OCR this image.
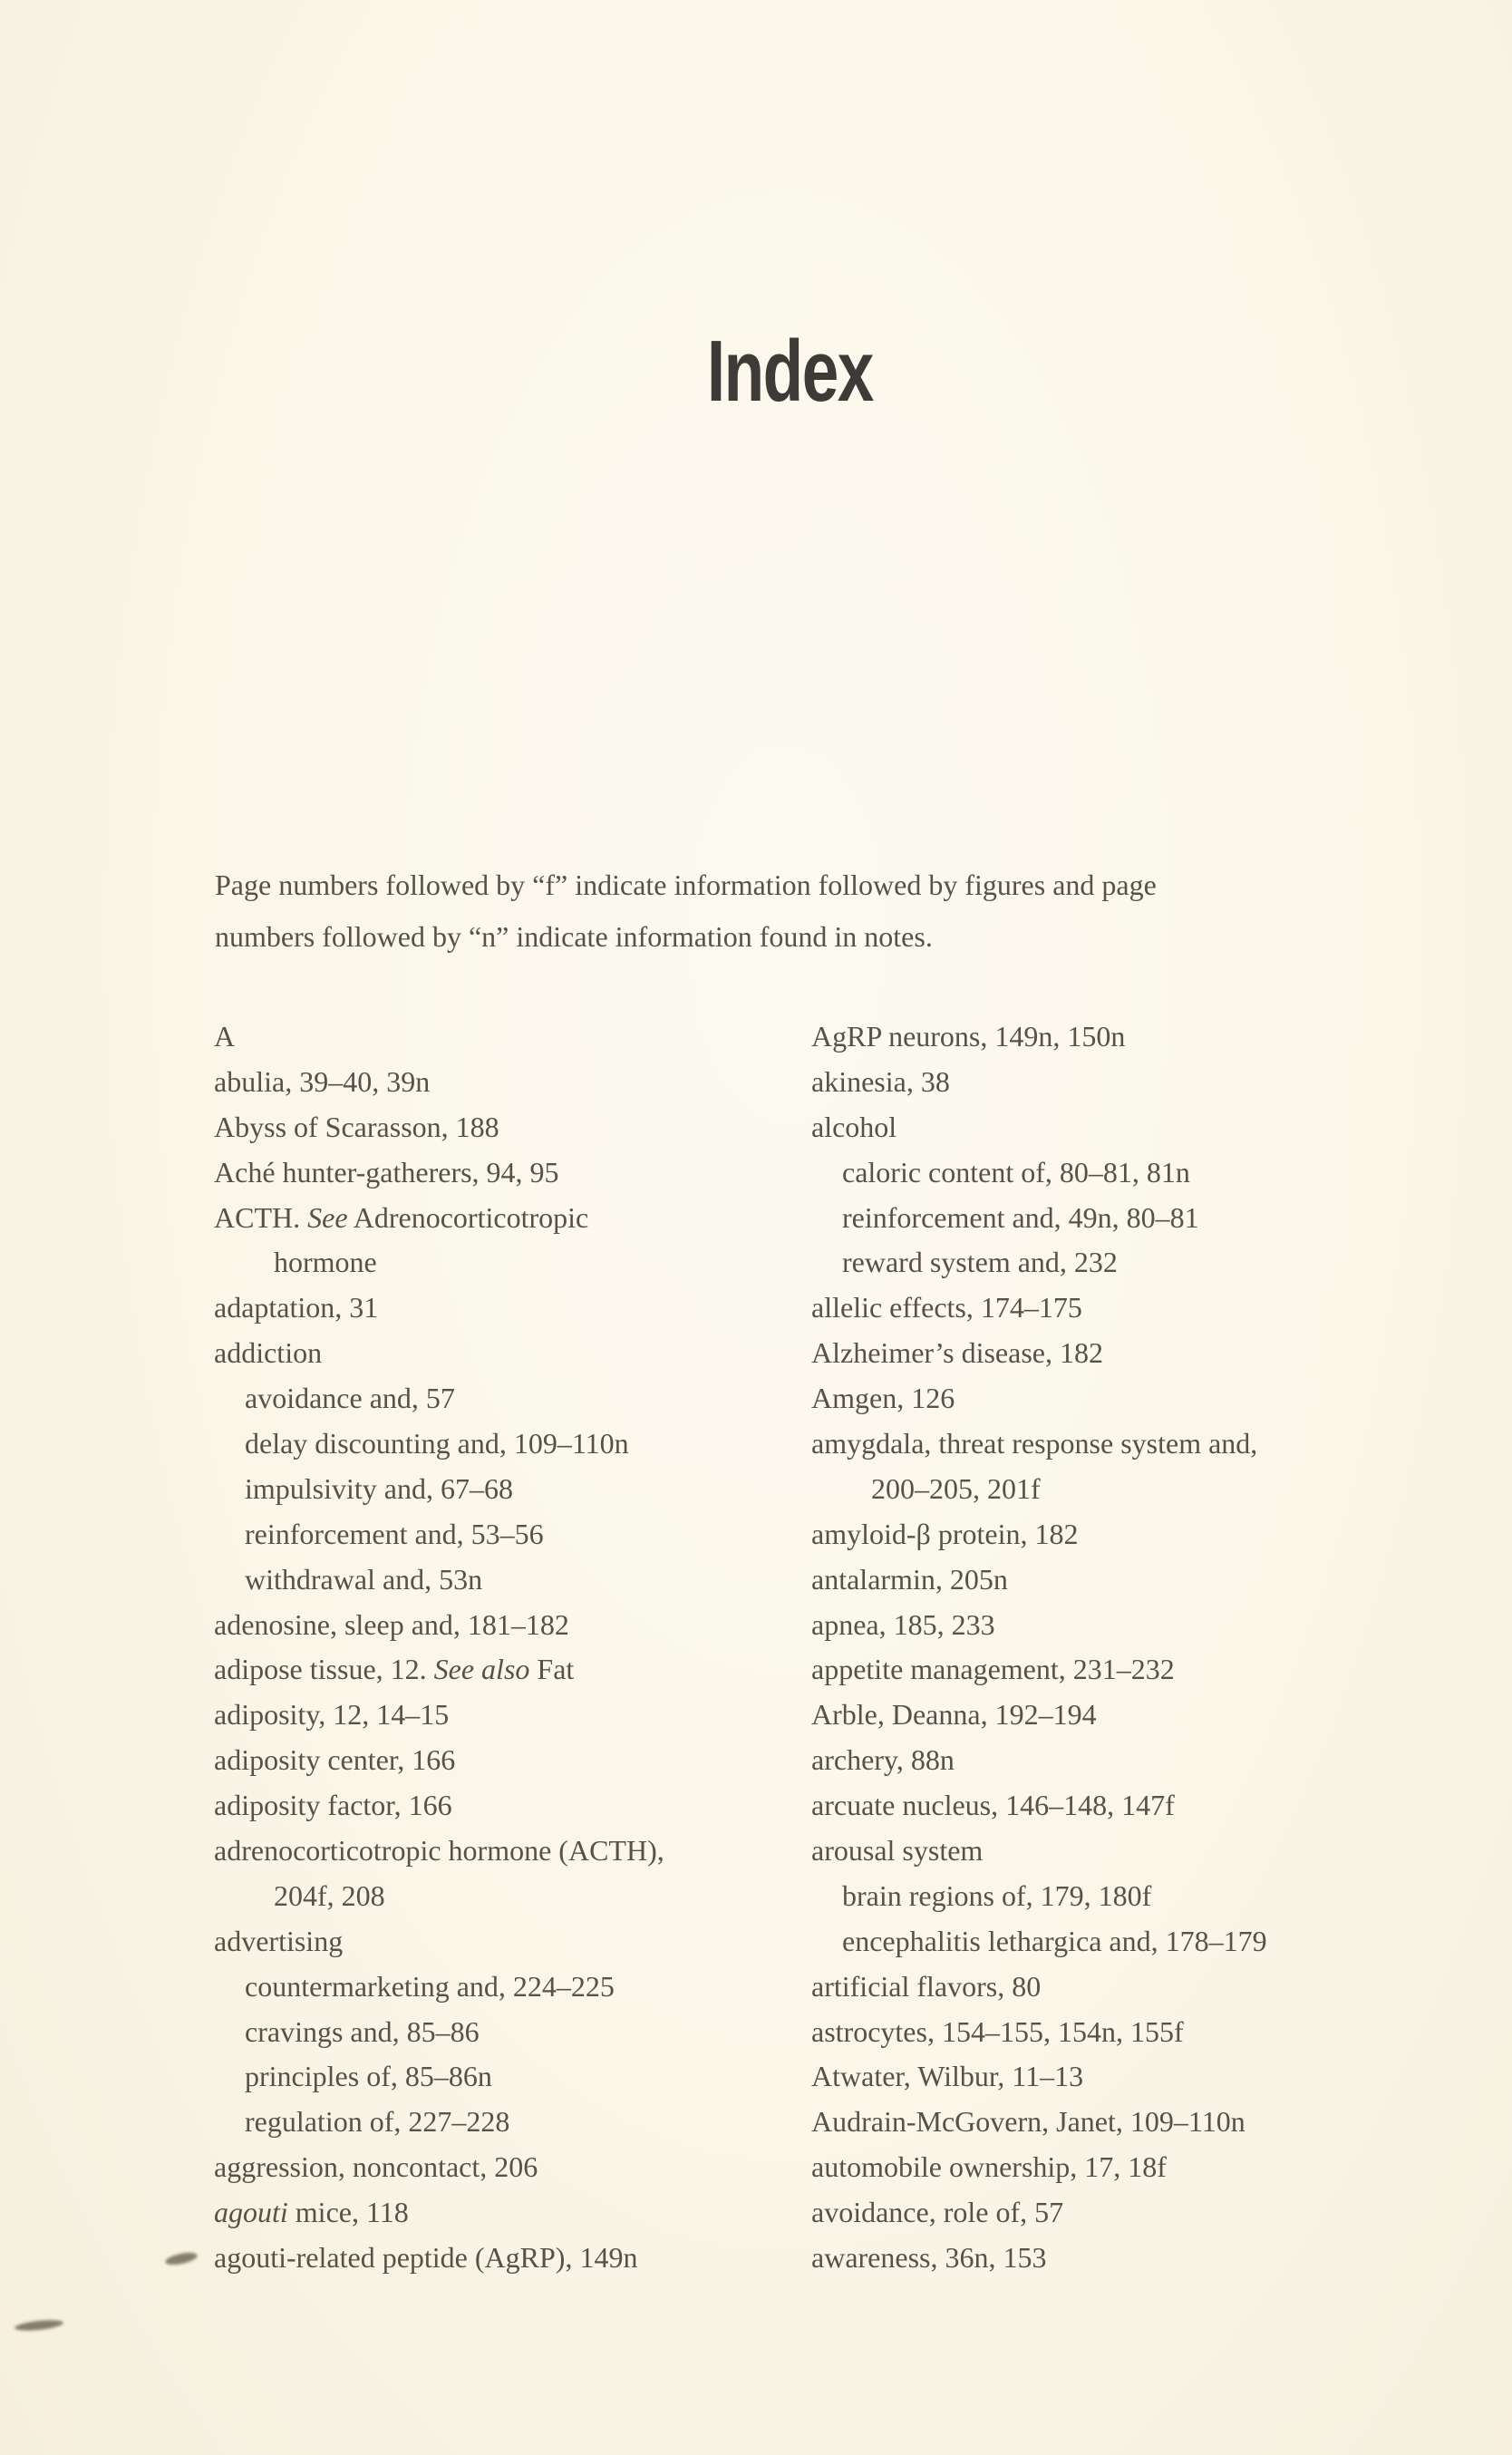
Index
Page numbers followed by “f” indicate information followed by figures and page
numbers followed by “n” indicate information found in notes.
A
abulia, 39–40, 39n
Abyss of Scarasson, 188
Aché hunter-gatherers, 94, 95
ACTH. See Adrenocorticotropic
hormone
adaptation, 31
addiction
avoidance and, 57
delay discounting and, 109–110n
impulsivity and, 67–68
reinforcement and, 53–56
withdrawal and, 53n
adenosine, sleep and, 181–182
adipose tissue, 12. See also Fat
adiposity, 12, 14–15
adiposity center, 166
adiposity factor, 166
adrenocorticotropic hormone (ACTH),
204f, 208
advertising
countermarketing and, 224–225
cravings and, 85–86
principles of, 85–86n
regulation of, 227–228
aggression, noncontact, 206
agouti mice, 118
agouti-related peptide (AgRP), 149n
AgRP neurons, 149n, 150n
akinesia, 38
alcohol
caloric content of, 80–81, 81n
reinforcement and, 49n, 80–81
reward system and, 232
allelic effects, 174–175
Alzheimer’s disease, 182
Amgen, 126
amygdala, threat response system and,
200–205, 201f
amyloid-β protein, 182
antalarmin, 205n
apnea, 185, 233
appetite management, 231–232
Arble, Deanna, 192–194
archery, 88n
arcuate nucleus, 146–148, 147f
arousal system
brain regions of, 179, 180f
encephalitis lethargica and, 178–179
artificial flavors, 80
astrocytes, 154–155, 154n, 155f
Atwater, Wilbur, 11–13
Audrain-McGovern, Janet, 109–110n
automobile ownership, 17, 18f
avoidance, role of, 57
awareness, 36n, 153
